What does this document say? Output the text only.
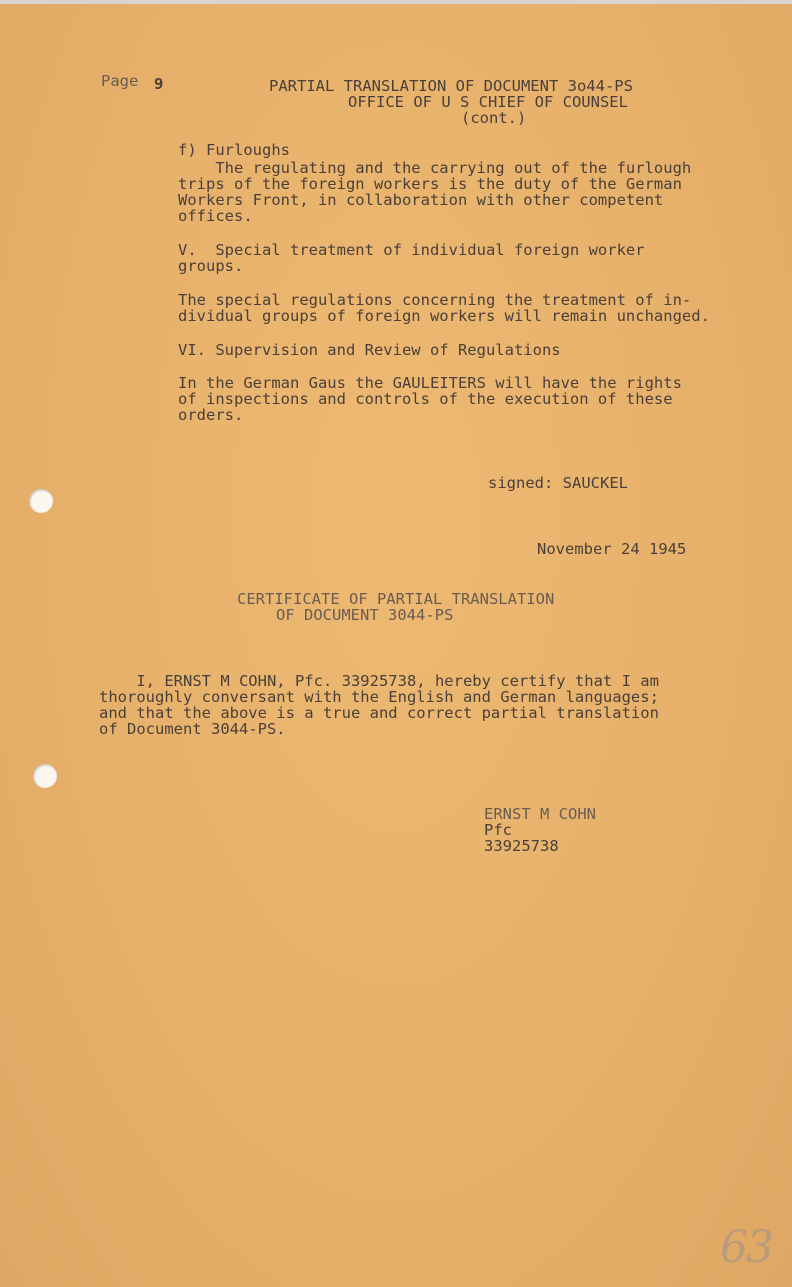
Page 9	PARTIAL TRANSLATION OF DOCUMENT 3o44-PS
OFFICE OF U S CHIEF OF COUNSEL
(cont.)
f) Furloughs
The regulating and the carrying out of the furlough
trips of the foreign workers is the duty of the German
Workers Front, in collaboration with other competent
offices.
V.  Special treatment of individual foreign worker
groups.
The special regulations concerning the treatment of in-
dividual groups of foreign workers will remain unchanged.
VI. Supervision and Review of Regulations
In the German Gaus the GAULEITERS will have the rights
of inspections and controls of the execution of these
orders.
signed: SAUCKEL
November 24 1945
CERTIFICATE OF PARTIAL TRANSLATION
OF DOCUMENT 3044-PS
I, ERNST M COHN, Pfc. 33925738, hereby certify that I am
thoroughly conversant with the English and German languages;
and that the above is a true and correct partial translation
of Document 3044-PS.
ERNST M COHN
Pfc
33925738
63
